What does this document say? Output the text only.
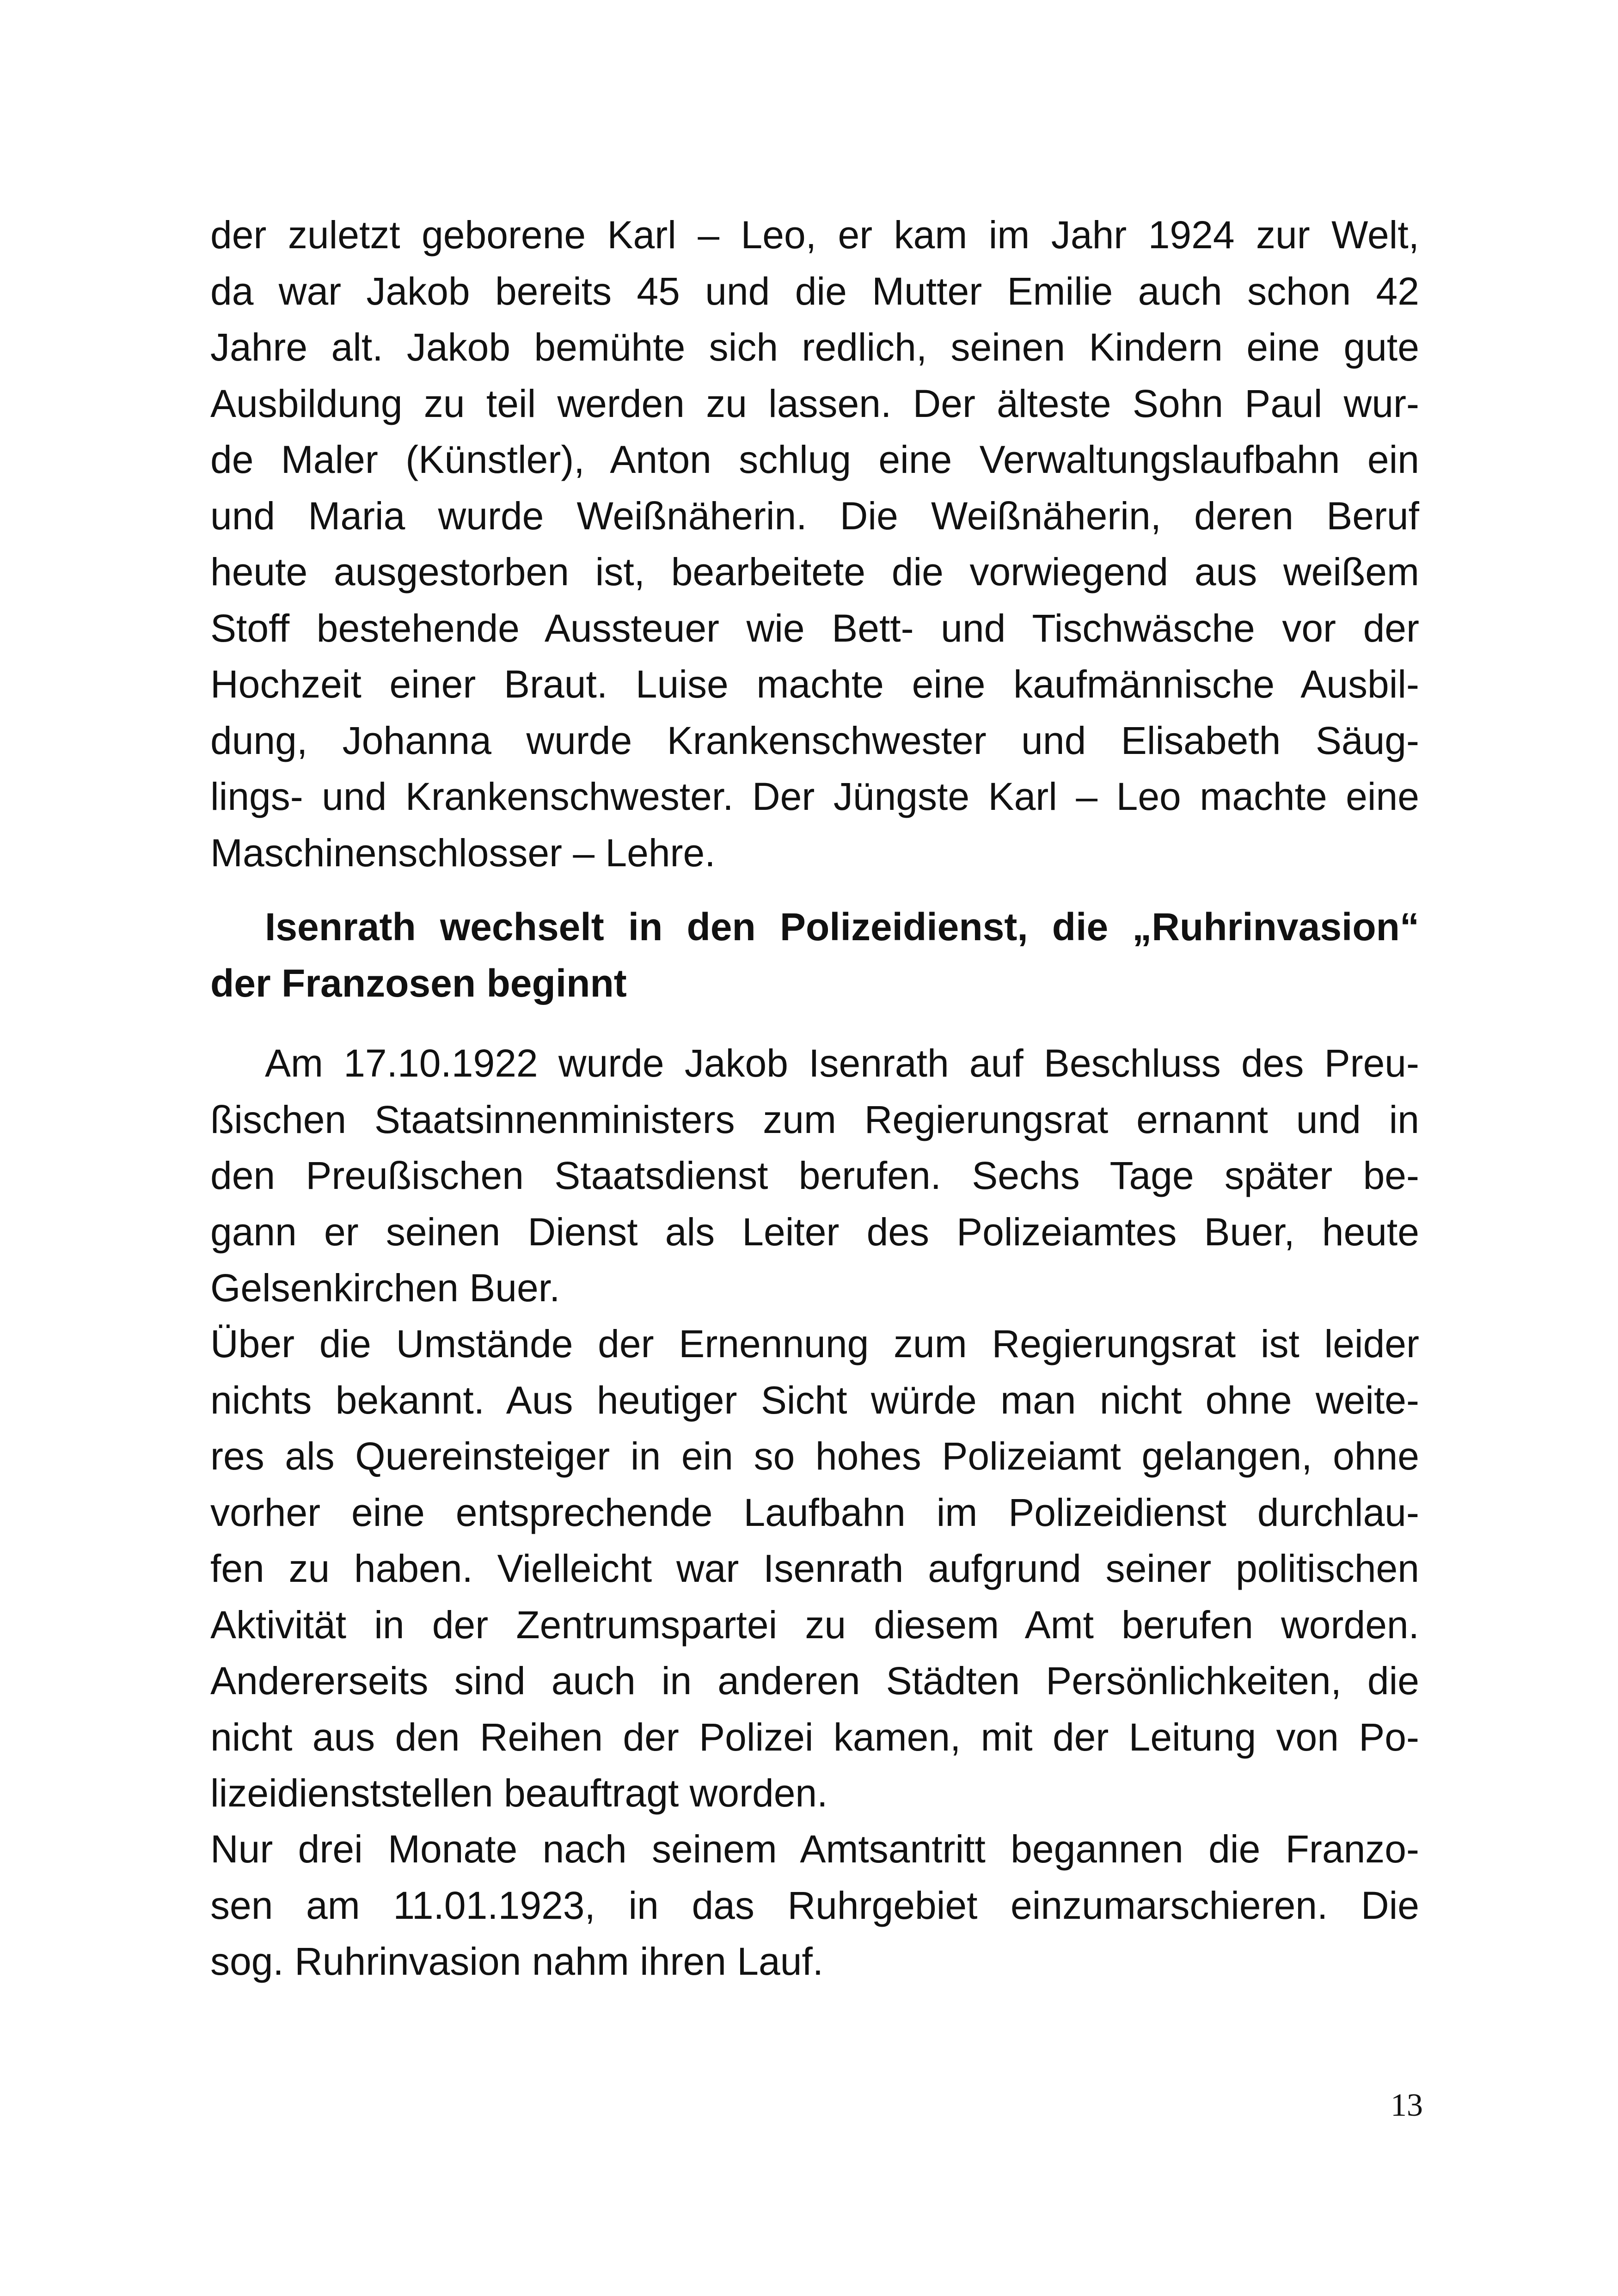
der zuletzt geborene Karl – Leo, er kam im Jahr 1924 zur Welt,
da war Jakob bereits 45 und die Mutter Emilie auch schon 42
Jahre alt. Jakob bemühte sich redlich, seinen Kindern eine gute
Ausbildung zu teil werden zu lassen. Der älteste Sohn Paul wur-
de Maler (Künstler), Anton schlug eine Verwaltungslaufbahn ein
und Maria wurde Weißnäherin. Die Weißnäherin, deren Beruf
heute ausgestorben ist, bearbeitete die vorwiegend aus weißem
Stoff bestehende Aussteuer wie Bett- und Tischwäsche vor der
Hochzeit einer Braut. Luise machte eine kaufmännische Ausbil-
dung, Johanna wurde Krankenschwester und Elisabeth Säug-
lings- und Krankenschwester. Der Jüngste Karl – Leo machte eine
Maschinenschlosser – Lehre.
Isenrath wechselt in den Polizeidienst, die „Ruhrinvasion“
der Franzosen beginnt
Am 17.10.1922 wurde Jakob Isenrath auf Beschluss des Preu-
ßischen Staatsinnenministers zum Regierungsrat ernannt und in
den Preußischen Staatsdienst berufen. Sechs Tage später be-
gann er seinen Dienst als Leiter des Polizeiamtes Buer, heute
Gelsenkirchen Buer.
Über die Umstände der Ernennung zum Regierungsrat ist leider
nichts bekannt. Aus heutiger Sicht würde man nicht ohne weite-
res als Quereinsteiger in ein so hohes Polizeiamt gelangen, ohne
vorher eine entsprechende Laufbahn im Polizeidienst durchlau-
fen zu haben. Vielleicht war Isenrath aufgrund seiner politischen
Aktivität in der Zentrumspartei zu diesem Amt berufen worden.
Andererseits sind auch in anderen Städten Persönlichkeiten, die
nicht aus den Reihen der Polizei kamen, mit der Leitung von Po-
lizeidienststellen beauftragt worden.
Nur drei Monate nach seinem Amtsantritt begannen die Franzo-
sen am 11.01.1923, in das Ruhrgebiet einzumarschieren. Die
sog. Ruhrinvasion nahm ihren Lauf.
13
